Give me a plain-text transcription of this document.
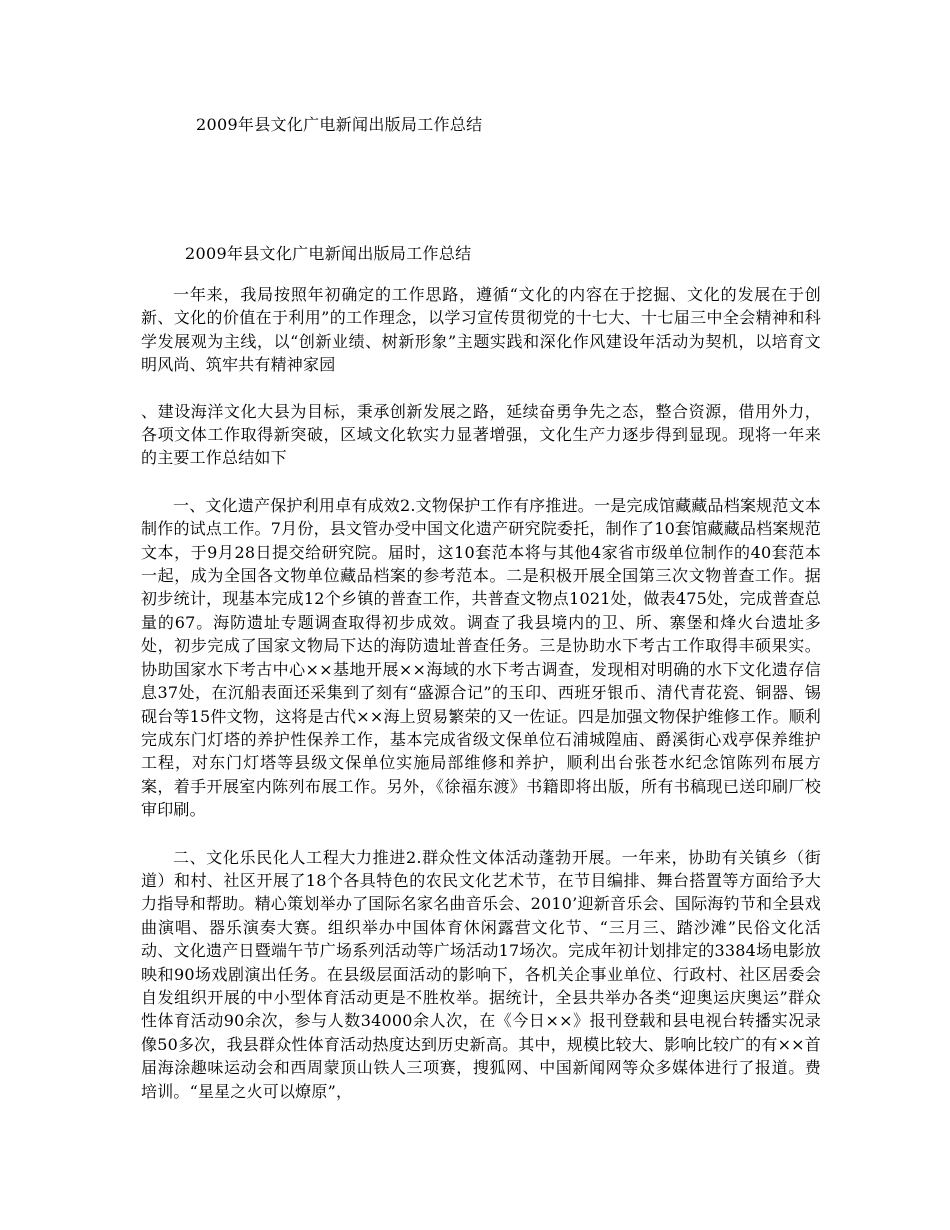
2009年县文化广电新闻出版局工作总结
2009年县文化广电新闻出版局工作总结

一年来，我局按照年初确定的工作思路，遵循“文化的内容在于挖掘、文化的发展在于创新、文化的价值在于利用”的工作理念，以学习宣传贯彻党的十七大、十七届三中全会精神和科学发展观为主线，以“创新业绩、树新形象”主题实践和深化作风建设年活动为契机，以培育文明风尚、筑牢共有精神家园

、建设海洋文化大县为目标，秉承创新发展之路，延续奋勇争先之态，整合资源，借用外力，各项文体工作取得新突破，区域文化软实力显著增强，文化生产力逐步得到显现。现将一年来的主要工作总结如下

一、文化遗产保护利用卓有成效2.文物保护工作有序推进。一是完成馆藏藏品档案规范文本制作的试点工作。7月份，县文管办受中国文化遗产研究院委托，制作了10套馆藏藏品档案规范文本，于9月28日提交给研究院。届时，这10套范本将与其他4家省市级单位制作的40套范本一起，成为全国各文物单位藏品档案的参考范本。二是积极开展全国第三次文物普查工作。据初步统计，现基本完成12个乡镇的普查工作，共普查文物点1021处，做表475处，完成普查总量的67。海防遗址专题调查取得初步成效。调查了我县境内的卫、所、寨堡和烽火台遗址多处，初步完成了国家文物局下达的海防遗址普查任务。三是协助水下考古工作取得丰硕果实。协助国家水下考古中心××基地开展××海域的水下考古调查，发现相对明确的水下文化遗存信息37处，在沉船表面还采集到了刻有“盛源合记”的玉印、西班牙银币、清代青花瓷、铜器、锡砚台等15件文物，这将是古代××海上贸易繁荣的又一佐证。四是加强文物保护维修工作。顺利完成东门灯塔的养护性保养工作，基本完成省级文保单位石浦城隍庙、爵溪街心戏亭保养维护工程，对东门灯塔等县级文保单位实施局部维修和养护，顺利出台张苍水纪念馆陈列布展方案，着手开展室内陈列布展工作。另外，《徐福东渡》书籍即将出版，所有书稿现已送印刷厂校审印刷。

二、文化乐民化人工程大力推进2.群众性文体活动蓬勃开展。一年来，协助有关镇乡（街道）和村、社区开展了18个各具特色的农民文化艺术节，在节目编排、舞台搭置等方面给予大力指导和帮助。精心策划举办了国际名家名曲音乐会、2010’迎新音乐会、国际海钓节和全县戏曲演唱、器乐演奏大赛。组织举办中国体育休闲露营文化节、“三月三、踏沙滩”民俗文化活动、文化遗产日暨端午节广场系列活动等广场活动17场次。完成年初计划排定的3384场电影放映和90场戏剧演出任务。在县级层面活动的影响下，各机关企事业单位、行政村、社区居委会自发组织开展的中小型体育活动更是不胜枚举。据统计，全县共举办各类“迎奥运庆奥运”群众性体育活动90余次，参与人数34000余人次，在《今日××》报刊登载和县电视台转播实况录像50多次，我县群众性体育活动热度达到历史新高。其中，规模比较大、影响比较广的有××首届海涂趣味运动会和西周蒙顶山铁人三项赛，搜狐网、中国新闻网等众多媒体进行了报道。费培训。“星星之火可以燎原”，
